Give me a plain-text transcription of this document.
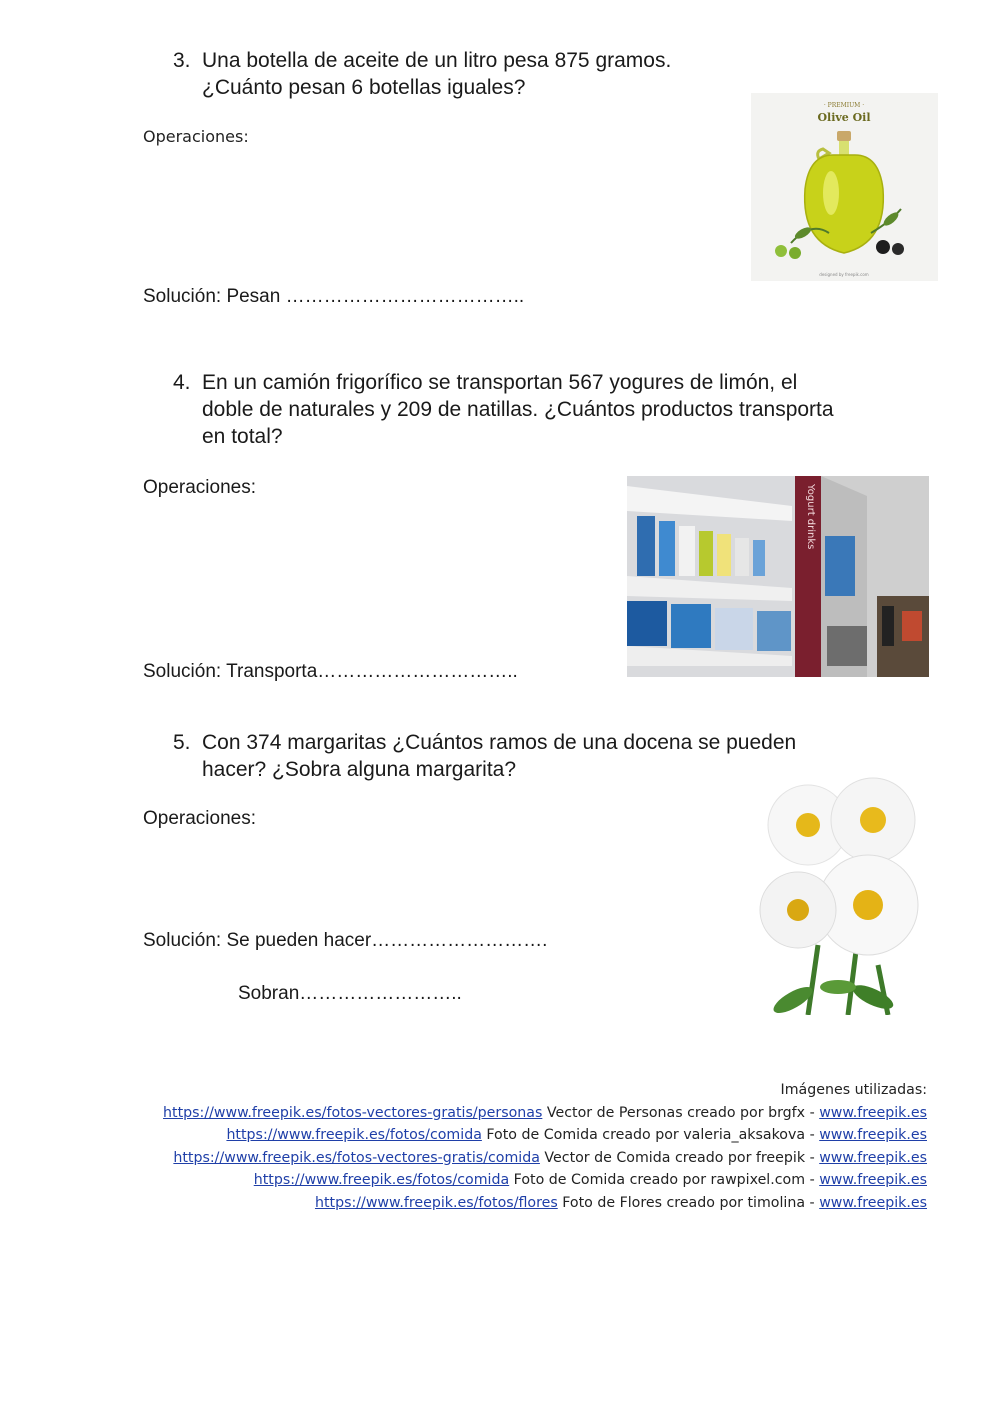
3. Una botella de aceite de un litro pesa 875 gramos.
¿Cuánto pesan 6 botellas iguales?
Operaciones:
Solución: Pesan ………………………………..
· PREMIUM ·
Olive Oil
designed by freepik.com
4. En un camión frigorífico se transportan 567 yogures de limón, el
doble de naturales y 209 de natillas. ¿Cuántos productos transporta
en total?
Operaciones:
Solución: Transporta…………………………..
Yogurt drinks
5. Con 374 margaritas ¿Cuántos ramos de una docena se pueden
hacer? ¿Sobra alguna margarita?
Operaciones:
Solución: Se pueden hacer……………………….
Sobran……………………..
Imágenes utilizadas:
https://www.freepik.es/fotos-vectores-gratis/personas Vector de Personas creado por brgfx - www.freepik.es
https://www.freepik.es/fotos/comida Foto de Comida creado por valeria_aksakova - www.freepik.es
https://www.freepik.es/fotos-vectores-gratis/comida Vector de Comida creado por freepik - www.freepik.es
https://www.freepik.es/fotos/comida Foto de Comida creado por rawpixel.com - www.freepik.es
https://www.freepik.es/fotos/flores Foto de Flores creado por timolina - www.freepik.es
